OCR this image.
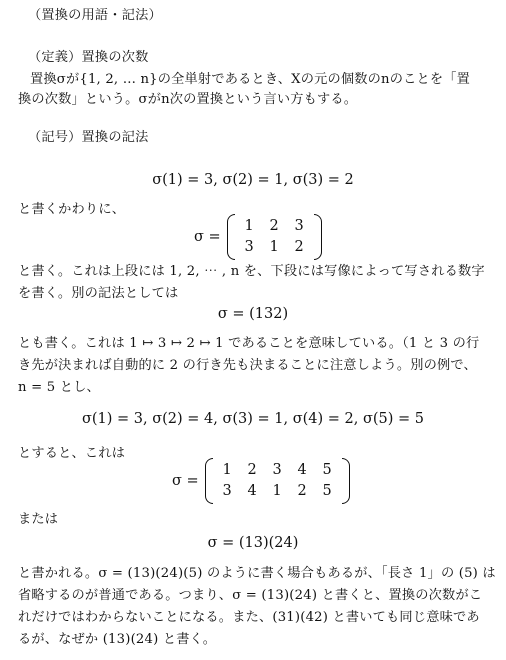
（置換の用語・記法）
（定義）置換の次数
置換σが{1, 2, … n}の全単射であるとき、Xの元の個数のnのことを「置
換の次数」という。σがn次の置換という言い方もする。
（記号）置換の記法
σ(1) = 3, σ(2) = 1, σ(3) = 2
と書くかわりに、
σ =
1	2	3
3	1	2
と書く。これは上段には 1, 2, ⋯ , n を、下段には写像によって写される数字
を書く。別の記法としては
σ = (132)
とも書く。これは 1 ↦ 3 ↦ 2 ↦ 1 であることを意味している。（1 と 3 の行
き先が決まれば自動的に 2 の行き先も決まることに注意しよう。別の例で、
n = 5 とし、
σ(1) = 3, σ(2) = 4, σ(3) = 1, σ(4) = 2, σ(5) = 5
とすると、これは
σ =
1	2	3	4	5
3	4	1	2	5
または
σ = (13)(24)
と書かれる。σ = (13)(24)(5) のように書く場合もあるが、「長さ 1」の (5) は
省略するのが普通である。つまり、σ = (13)(24) と書くと、置換の次数がこ
れだけではわからないことになる。また、(31)(42) と書いても同じ意味であ
るが、なぜか (13)(24) と書く。
